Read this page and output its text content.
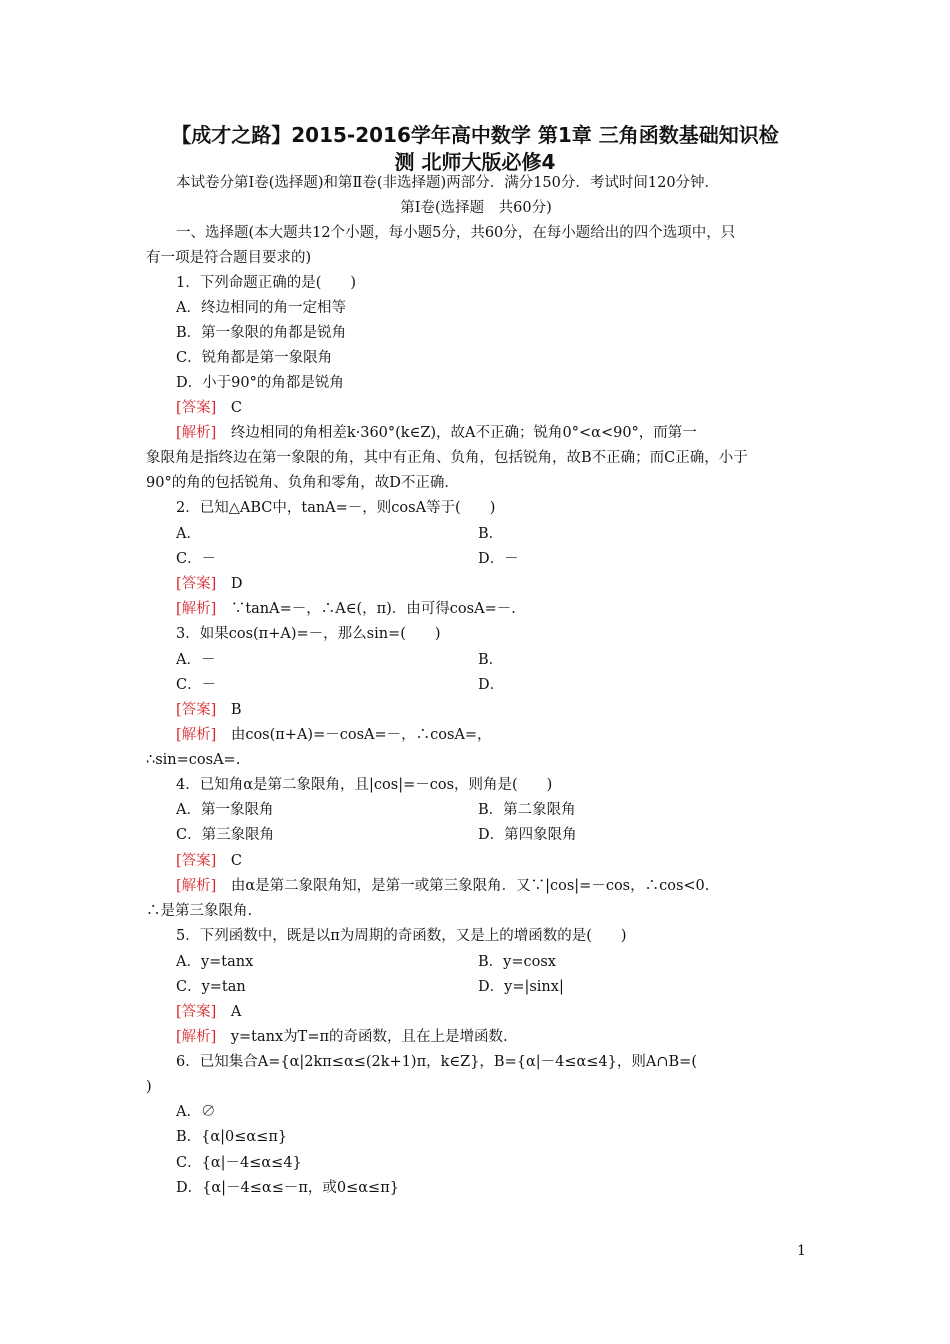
【成才之路】2015-2016学年高中数学 第1章 三角函数基础知识检
测 北师大版必修4
本试卷分第Ⅰ卷(选择题)和第Ⅱ卷(非选择题)两部分．满分150分．考试时间120分钟．
第Ⅰ卷(选择题　共60分)
一、选择题(本大题共12个小题，每小题5分，共60分，在每小题给出的四个选项中，只
有一项是符合题目要求的)
1．下列命题正确的是(　　)
A．终边相同的角一定相等
B．第一象限的角都是锐角
C．锐角都是第一象限角
D．小于90°的角都是锐角
[答案]　 C
[解析]　 终边相同的角相差k·360°(k∈Z)，故A不正确；锐角0°<α<90°，而第一
象限角是指终边在第一象限的角，其中有正角、负角，包括锐角，故B不正确；而C正确，小于
90°的角的包括锐角、负角和零角，故D不正确．
2．已知△ABC中，tanA=－，则cosA等于(　　)
A．	B．
C．－	D．－
[答案]　 D
[解析]　 ∵tanA=－，∴A∈(，π)．由可得cosA=－.
3．如果cos(π+A)=－，那么sin=(　　)
A．－	B．
C．－	D．
[答案]　 B
[解析]　 由cos(π+A)=－cosA=－，∴cosA=，
∴sin=cosA=.
4．已知角α是第二象限角，且|cos|=－cos，则角是(　　)
A．第一象限角	B．第二象限角
C．第三象限角	D．第四象限角
[答案]　 C
[解析]　 由α是第二象限角知，是第一或第三象限角．又∵|cos|=－cos，∴cos<0.
∴是第三象限角.
5．下列函数中，既是以π为周期的奇函数，又是上的增函数的是(　　)
A．y=tanx	B．y=cosx
C．y=tan	D．y=|sinx|
[答案]　 A
[解析]　 y=tanx为T=π的奇函数，且在上是增函数.
6．已知集合A={α|2kπ≤α≤(2k+1)π，k∈Z}，B={α|－4≤α≤4}，则A∩B=(
)
A．∅
B．{α|0≤α≤π}
C．{α|－4≤α≤4}
D．{α|－4≤α≤－π，或0≤α≤π}
1
